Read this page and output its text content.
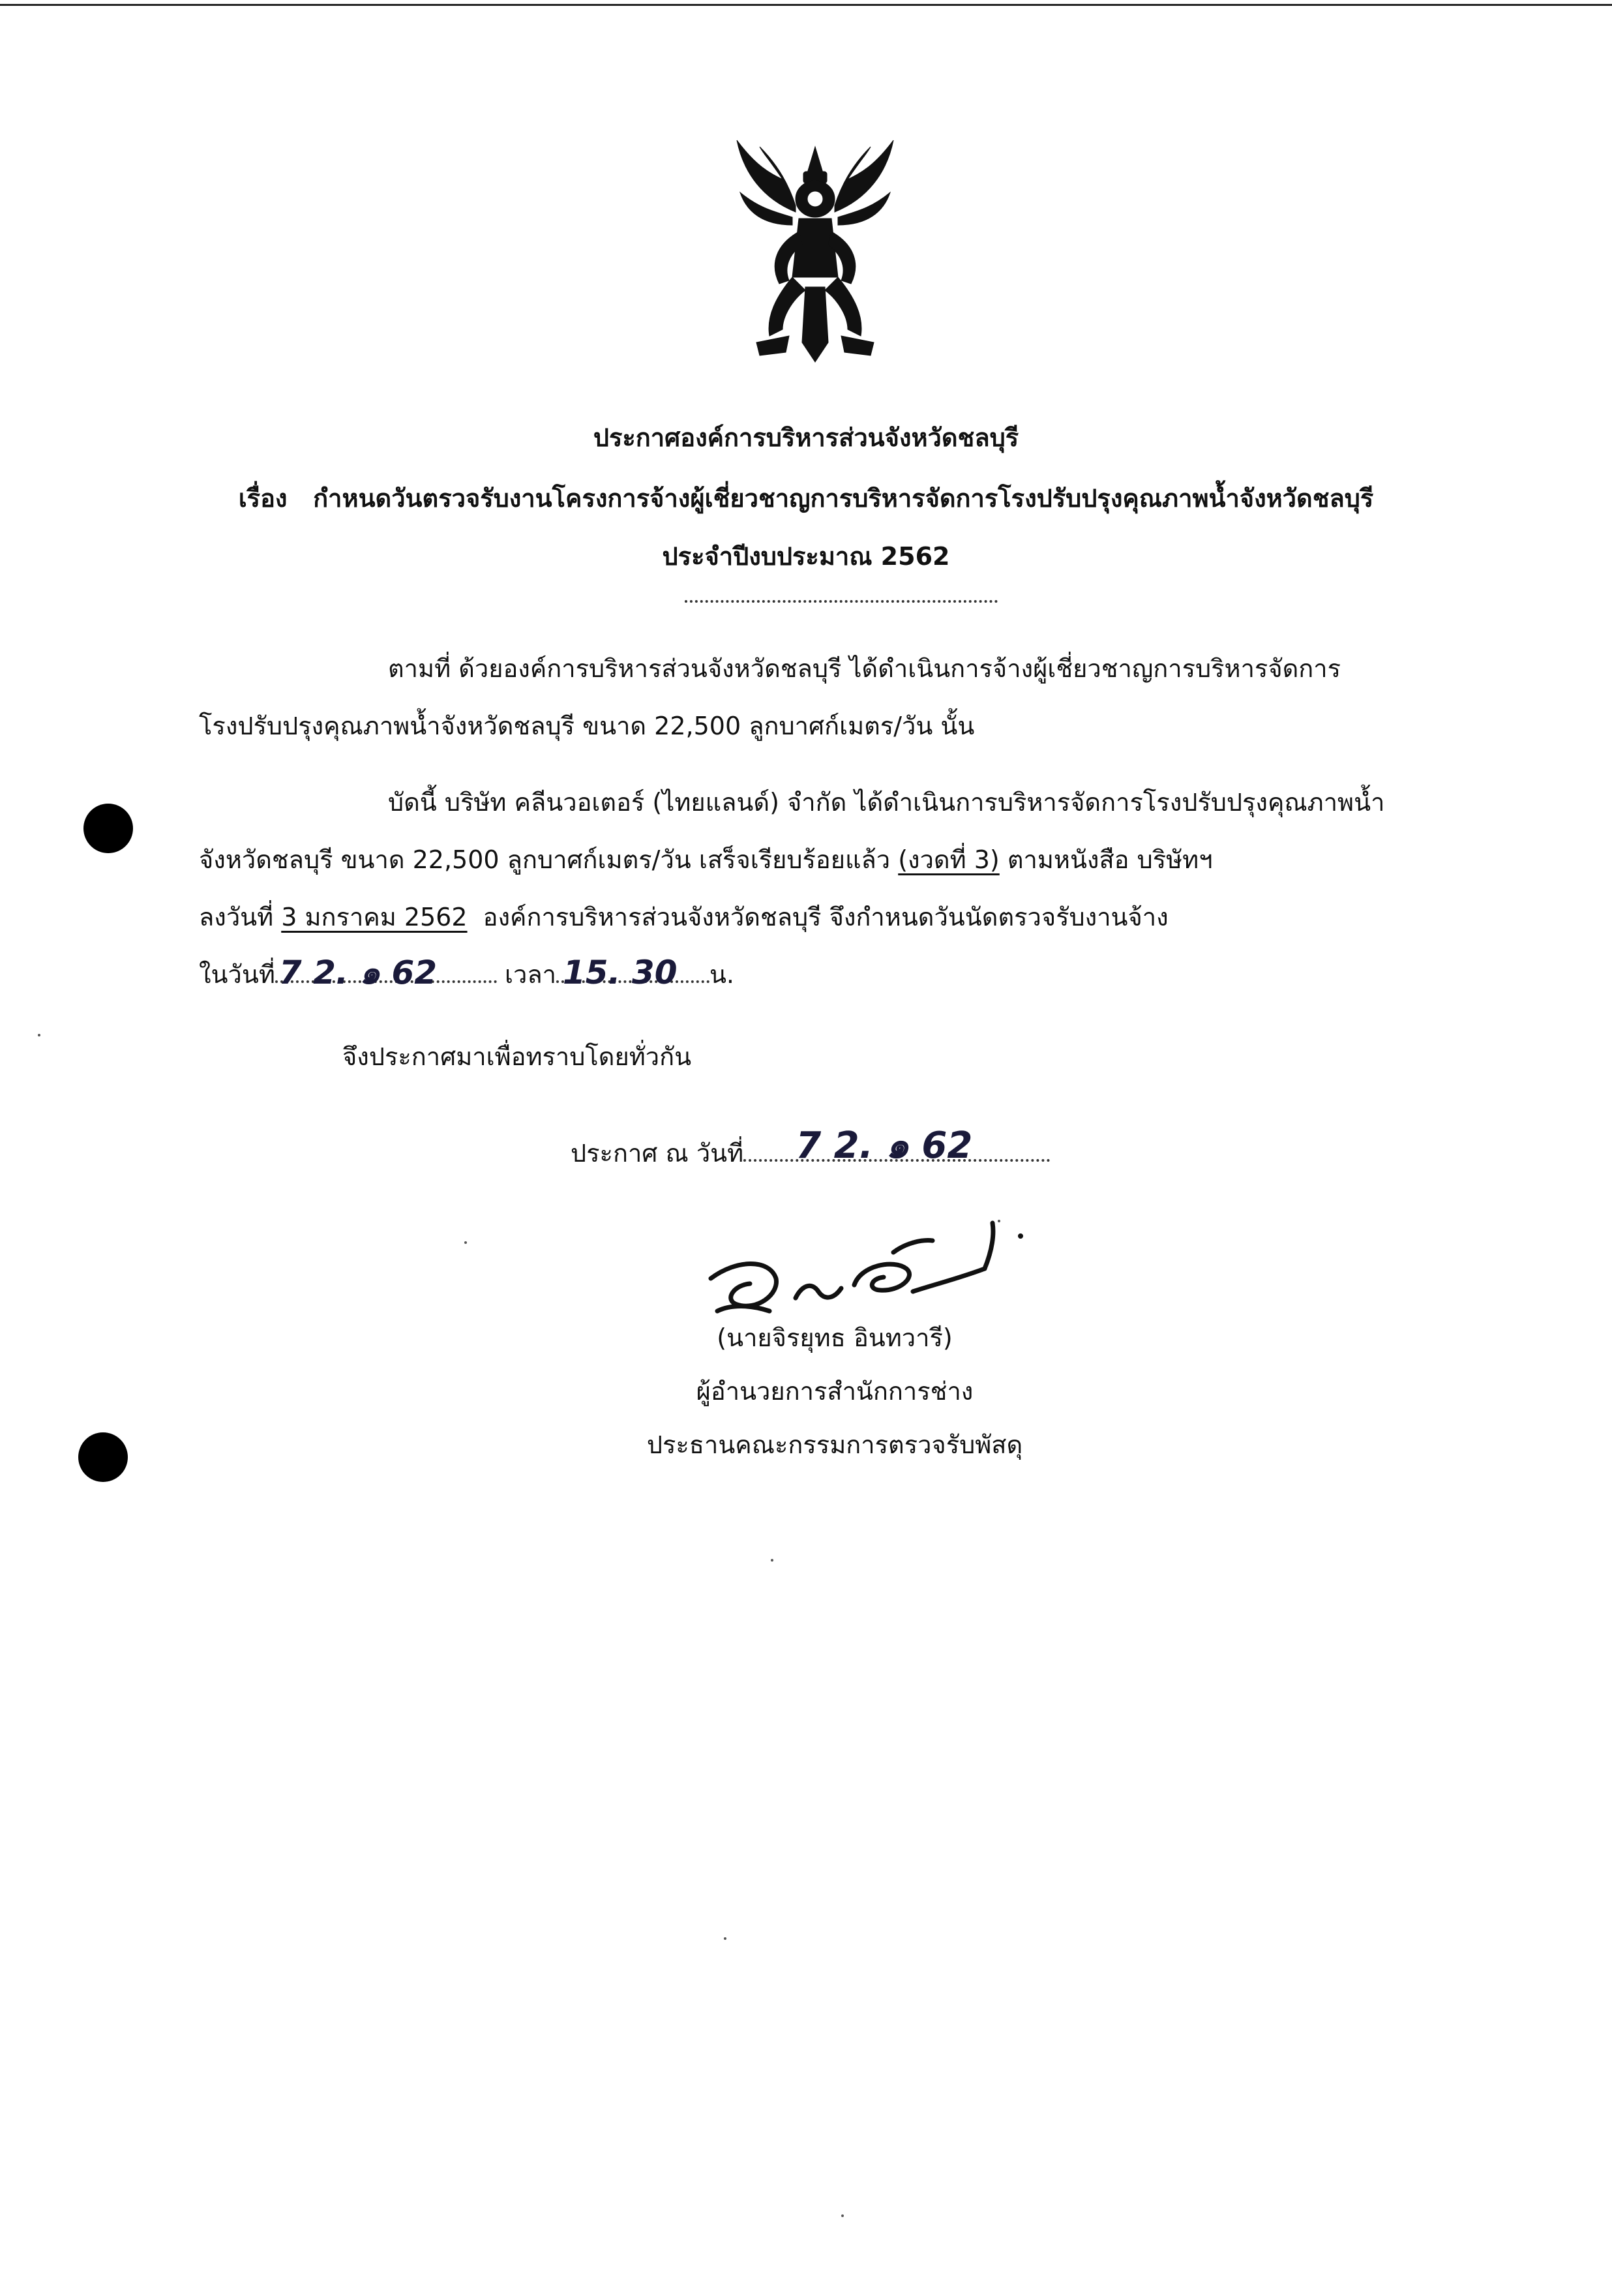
ประกาศองค์การบริหารส่วนจังหวัดชลบุรี
เรื่อง กำหนดวันตรวจรับงานโครงการจ้างผู้เชี่ยวชาญการบริหารจัดการโรงปรับปรุงคุณภาพน้ำจังหวัดชลบุรี
ประจำปีงบประมาณ 2562
ตามที่ ด้วยองค์การบริหารส่วนจังหวัดชลบุรี ได้ดำเนินการจ้างผู้เชี่ยวชาญการบริหารจัดการ
โรงปรับปรุงคุณภาพน้ำจังหวัดชลบุรี ขนาด 22,500 ลูกบาศก์เมตร/วัน นั้น
บัดนี้ บริษัท คลีนวอเตอร์ (ไทยแลนด์) จำกัด ได้ดำเนินการบริหารจัดการโรงปรับปรุงคุณภาพน้ำ
จังหวัดชลบุรี ขนาด 22,500 ลูกบาศก์เมตร/วัน เสร็จเรียบร้อยแล้ว (งวดที่ 3) ตามหนังสือ บริษัทฯ
ลงวันที่ 3 มกราคม 2562 องค์การบริหารส่วนจังหวัดชลบุรี จึงกำหนดวันนัดตรวจรับงานจ้าง
ในวันที่ 7 2. ๑ 62	เวลา 15. 30 น.
จึงประกาศมาเพื่อทราบโดยทั่วกัน
ประกาศ ณ วันที่ 7 2. ๑ 62
(นายจิรยุทธ อินทวารี)
ผู้อำนวยการสำนักการช่าง
ประธานคณะกรรมการตรวจรับพัสดุ
